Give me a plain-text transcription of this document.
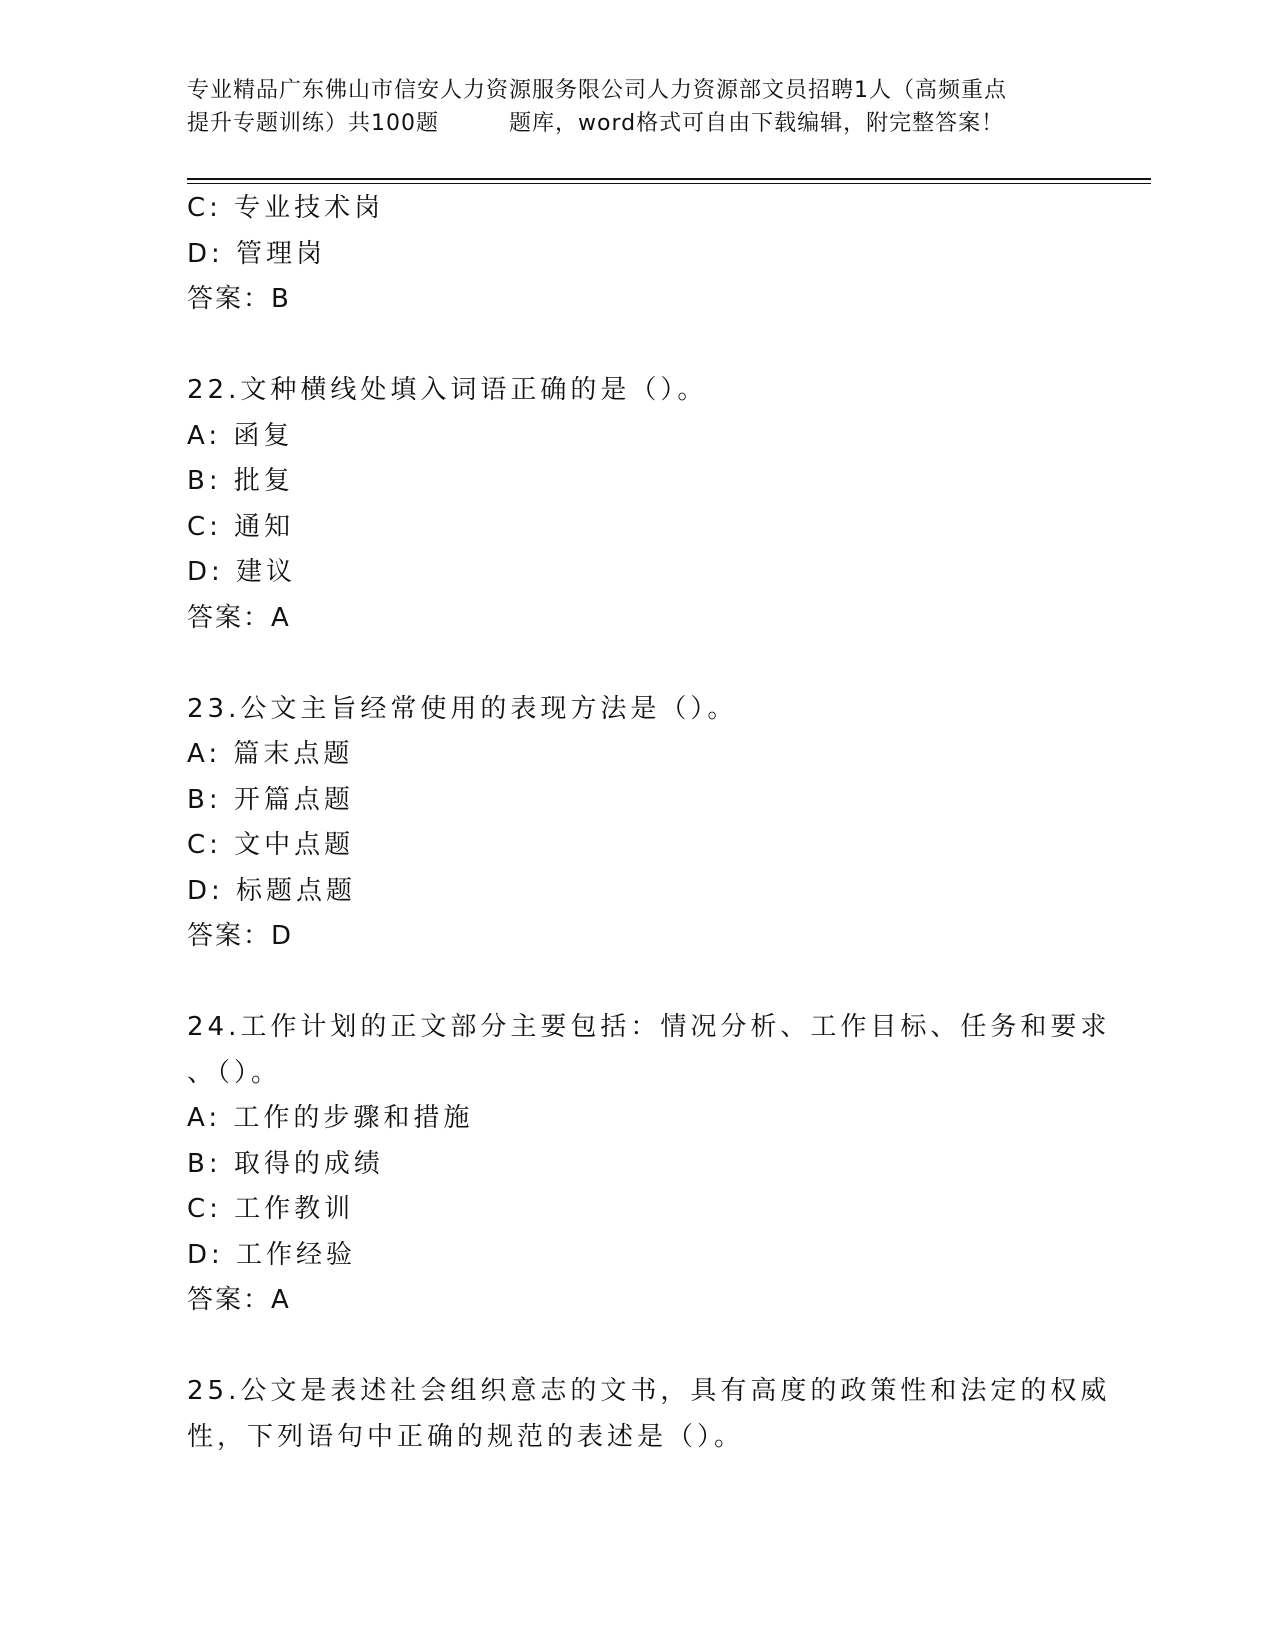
专业精品广东佛山市信安人力资源服务限公司人力资源部文员招聘1人（高频重点
提升专题训练）共100题	题库，word格式可自由下载编辑，附完整答案！
C: 专业技术岗
D: 管理岗
答案：B
22.文种横线处填入词语正确的是（）。
A: 函复
B: 批复
C: 通知
D: 建议
答案：A
23.公文主旨经常使用的表现方法是（）。
A: 篇末点题
B: 开篇点题
C: 文中点题
D: 标题点题
答案：D
24.工作计划的正文部分主要包括：情况分析、工作目标、任务和要求
、（）。
A: 工作的步骤和措施
B: 取得的成绩
C: 工作教训
D: 工作经验
答案：A
25.公文是表述社会组织意志的文书，具有高度的政策性和法定的权威
性，下列语句中正确的规范的表述是（）。
